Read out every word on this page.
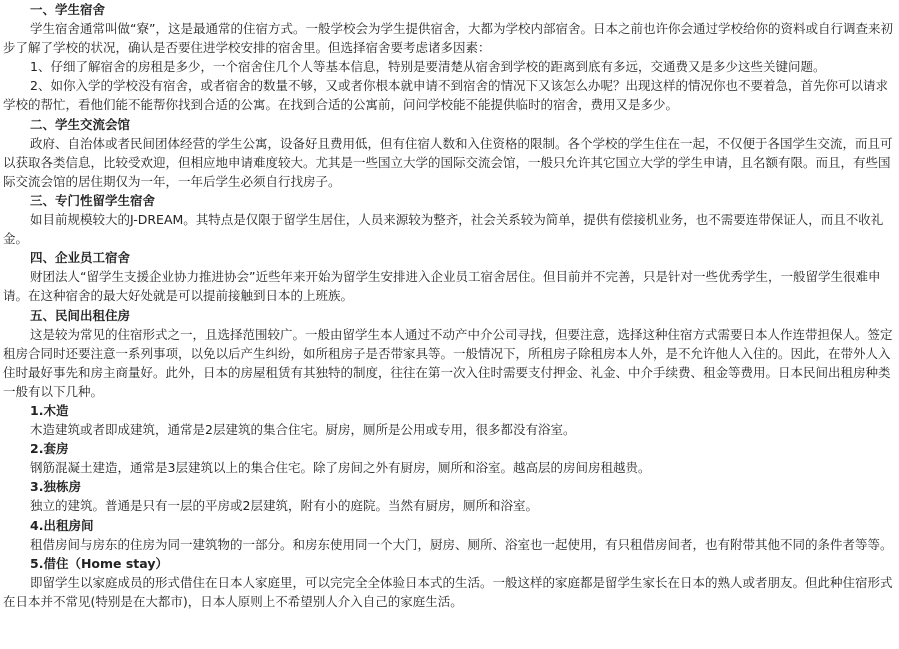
一、学生宿舍

学生宿舍通常叫做“寮”，这是最通常的住宿方式。一般学校会为学生提供宿舍，大都为学校内部宿舍。日本之前也许你会通过学校给你的资料或自行调查来初步了解了学校的状况，确认是否要住进学校安排的宿舍里。但选择宿舍要考虑诸多因素：

1、仔细了解宿舍的房租是多少，一个宿舍住几个人等基本信息，特别是要清楚从宿舍到学校的距离到底有多远，交通费又是多少这些关键问题。

2、如你入学的学校没有宿舍，或者宿舍的数量不够，又或者你根本就申请不到宿舍的情况下又该怎么办呢？出现这样的情况你也不要着急，首先你可以请求学校的帮忙，看他们能不能帮你找到合适的公寓。在找到合适的公寓前，问问学校能不能提供临时的宿舍，费用又是多少。

二、学生交流会馆

政府、自治体或者民间团体经营的学生公寓，设备好且费用低，但有住宿人数和入住资格的限制。各个学校的学生住在一起，不仅便于各国学生交流，而且可以获取各类信息，比较受欢迎，但相应地申请难度较大。尤其是一些国立大学的国际交流会馆，一般只允许其它国立大学的学生申请，且名额有限。而且，有些国际交流会馆的居住期仅为一年，一年后学生必须自行找房子。

三、专门性留学生宿舍

如目前规模较大的J-DREAM。其特点是仅限于留学生居住，人员来源较为整齐，社会关系较为简单，提供有偿接机业务，也不需要连带保证人，而且不收礼金。

四、企业员工宿舍

财团法人“留学生支援企业协力推进协会”近些年来开始为留学生安排进入企业员工宿舍居住。但目前并不完善，只是针对一些优秀学生，一般留学生很难申请。在这种宿舍的最大好处就是可以提前接触到日本的上班族。

五、民间出租住房

这是较为常见的住宿形式之一，且选择范围较广。一般由留学生本人通过不动产中介公司寻找，但要注意，选择这种住宿方式需要日本人作连带担保人。签定租房合同时还要注意一系列事项，以免以后产生纠纷，如所租房子是否带家具等。一般情况下，所租房子除租房本人外，是不允许他人入住的。因此，在带外人入住时最好事先和房主商量好。此外，日本的房屋租赁有其独特的制度，往往在第一次入住时需要支付押金、礼金、中介手续费、租金等费用。日本民间出租房种类一般有以下几种。

1.木造

木造建筑或者即成建筑，通常是2层建筑的集合住宅。厨房，厕所是公用或专用，很多都没有浴室。

2.套房

钢筋混凝土建造，通常是3层建筑以上的集合住宅。除了房间之外有厨房，厕所和浴室。越高层的房间房租越贵。

3.独栋房

独立的建筑。普通是只有一层的平房或2层建筑，附有小的庭院。当然有厨房，厕所和浴室。

4.出租房间

租借房间与房东的住房为同一建筑物的一部分。和房东使用同一个大门，厨房、厕所、浴室也一起使用，有只租借房间者，也有附带其他不同的条件者等等。

5.借住（Home stay）

即留学生以家庭成员的形式借住在日本人家庭里，可以完完全全体验日本式的生活。一般这样的家庭都是留学生家长在日本的熟人或者朋友。但此种住宿形式在日本并不常见(特别是在大都市)，日本人原则上不希望别人介入自己的家庭生活。
